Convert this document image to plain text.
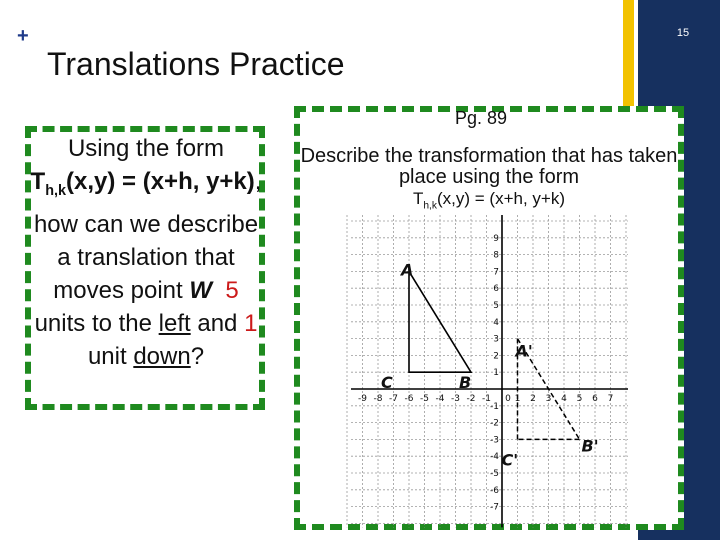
+
Translations Practice
15
Using the form $T_{h,k}(x,y) = (x+h$, y+k), how can we describe a translation that moves point W 5 units to the left and 1 unit down?
Pg. 89
Describe the transformation that has taken place using the form
$T_{h,k}(x,y) = (x+h$, y+k)
-9 -8 -7 -6 -5 -4 -3 -2 -1 0 1 2 3 4 5 6 7
1
2
3
4
5
6
7
8
9
-1
-2
-3
-4
-5
-6
-7
A
B
C
A'
B'
C'
